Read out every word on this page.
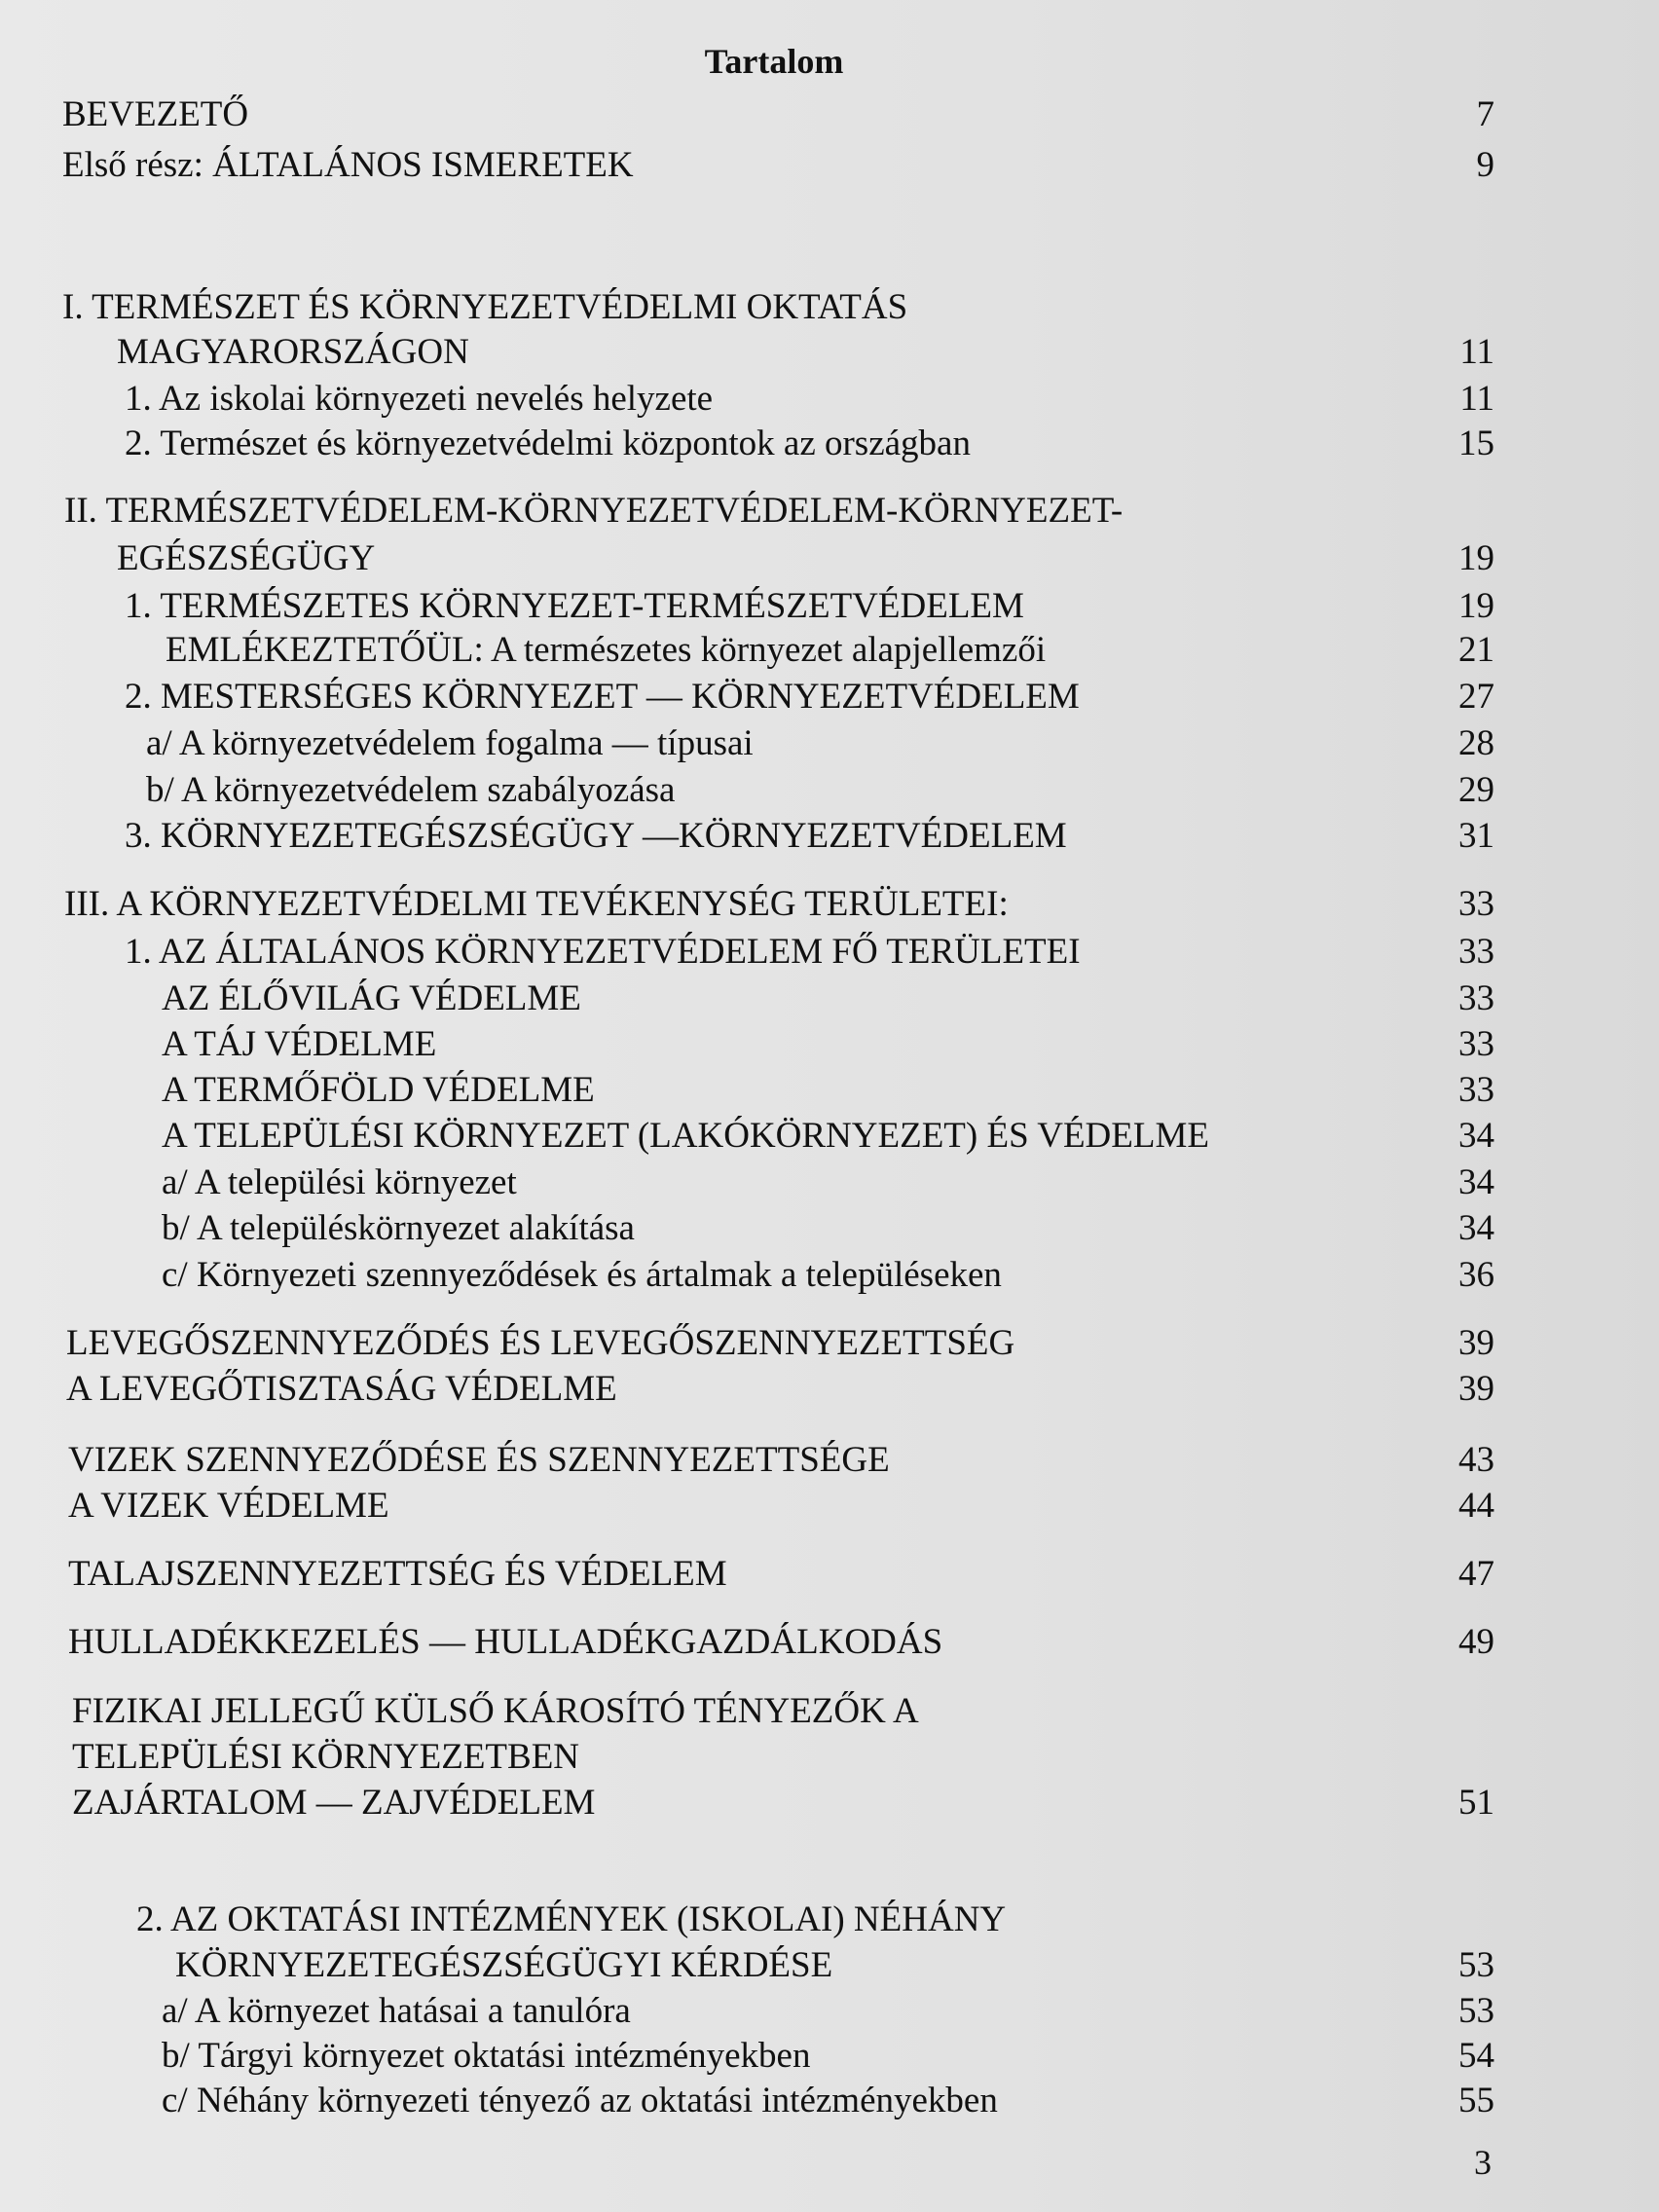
Tartalom
BEVEZETŐ	7
Első rész: ÁLTALÁNOS ISMERETEK	9
I. TERMÉSZET ÉS KÖRNYEZETVÉDELMI OKTATÁS
MAGYARORSZÁGON	11
1. Az iskolai környezeti nevelés helyzete	11
2. Természet és környezetvédelmi központok az országban	15
II. TERMÉSZETVÉDELEM-KÖRNYEZETVÉDELEM-KÖRNYEZET-
EGÉSZSÉGÜGY	19
1. TERMÉSZETES KÖRNYEZET-TERMÉSZETVÉDELEM	19
EMLÉKEZTETŐÜL: A természetes környezet alapjellemzői	21
2. MESTERSÉGES KÖRNYEZET — KÖRNYEZETVÉDELEM	27
a/ A környezetvédelem fogalma — típusai	28
b/ A környezetvédelem szabályozása	29
3. KÖRNYEZETEGÉSZSÉGÜGY —KÖRNYEZETVÉDELEM	31
III. A KÖRNYEZETVÉDELMI TEVÉKENYSÉG TERÜLETEI:	33
1. AZ ÁLTALÁNOS KÖRNYEZETVÉDELEM FŐ TERÜLETEI	33
AZ ÉLŐVILÁG VÉDELME	33
A TÁJ VÉDELME	33
A TERMŐFÖLD VÉDELME	33
A TELEPÜLÉSI KÖRNYEZET (LAKÓKÖRNYEZET) ÉS VÉDELME	34
a/ A települési környezet	34
b/ A településkörnyezet alakítása	34
c/ Környezeti szennyeződések és ártalmak a településeken	36
LEVEGŐSZENNYEZŐDÉS ÉS LEVEGŐSZENNYEZETTSÉG	39
A LEVEGŐTISZTASÁG VÉDELME	39
VIZEK SZENNYEZŐDÉSE ÉS SZENNYEZETTSÉGE	43
A VIZEK VÉDELME	44
TALAJSZENNYEZETTSÉG ÉS VÉDELEM	47
HULLADÉKKEZELÉS — HULLADÉKGAZDÁLKODÁS	49
FIZIKAI JELLEGŰ KÜLSŐ KÁROSÍTÓ TÉNYEZŐK A
TELEPÜLÉSI KÖRNYEZETBEN
ZAJÁRTALOM — ZAJVÉDELEM	51
2. AZ OKTATÁSI INTÉZMÉNYEK (ISKOLAI) NÉHÁNY
KÖRNYEZETEGÉSZSÉGÜGYI KÉRDÉSE	53
a/ A környezet hatásai a tanulóra	53
b/ Tárgyi környezet oktatási intézményekben	54
c/ Néhány környezeti tényező az oktatási intézményekben	55
3
